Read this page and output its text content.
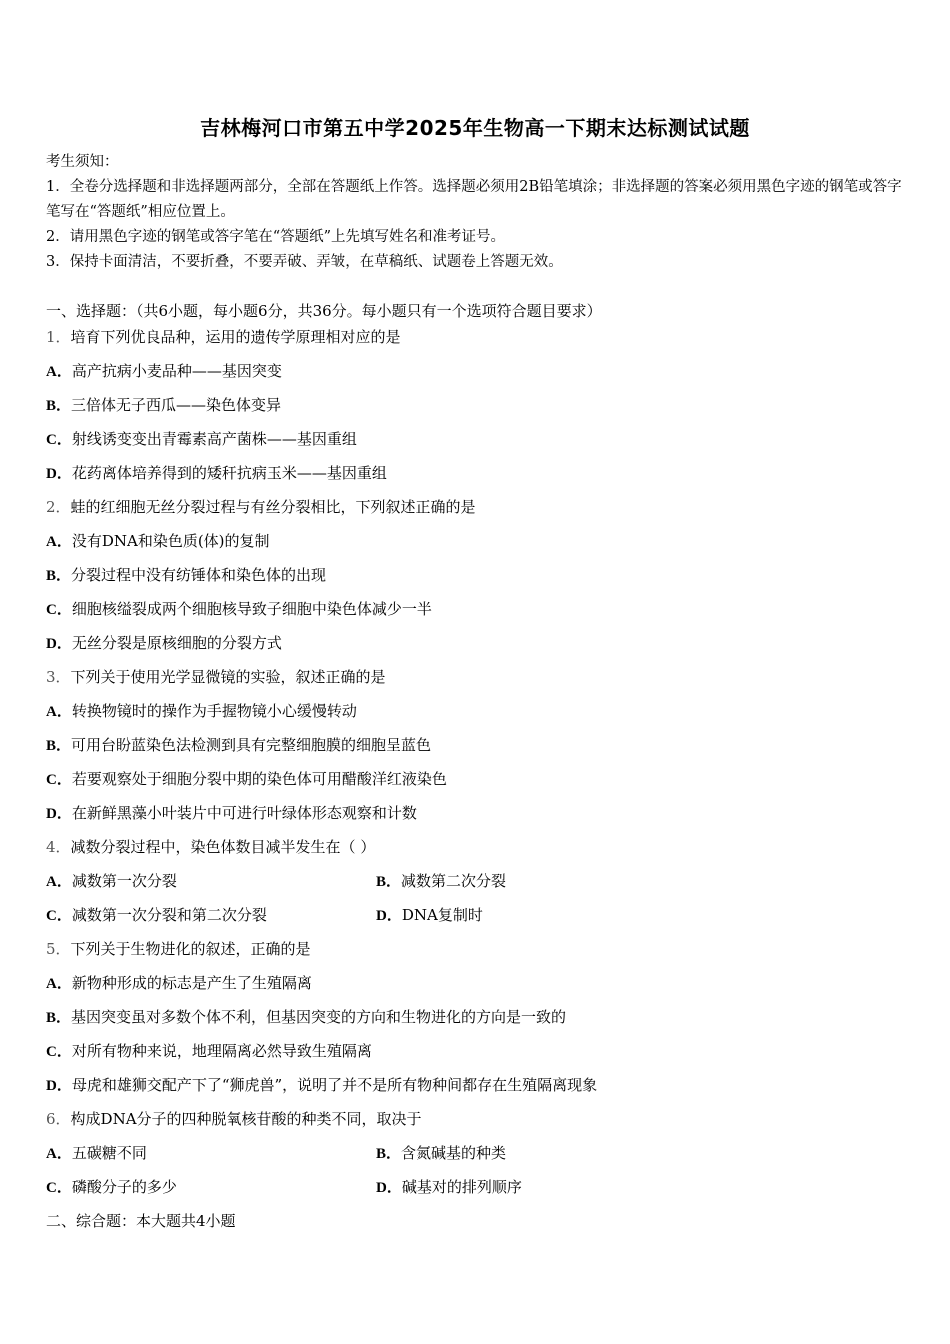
吉林梅河口市第五中学2025年生物高一下期末达标测试试题
考生须知：
1．全卷分选择题和非选择题两部分，全部在答题纸上作答。选择题必须用2B铅笔填涂；非选择题的答案必须用黑色字迹的钢笔或答字笔写在“答题纸”相应位置上。
2．请用黑色字迹的钢笔或答字笔在“答题纸”上先填写姓名和准考证号。
3．保持卡面清洁，不要折叠，不要弄破、弄皱，在草稿纸、试题卷上答题无效。
一、选择题：（共6小题，每小题6分，共36分。每小题只有一个选项符合题目要求）
1．培育下列优良品种，运用的遗传学原理相对应的是
A．高产抗病小麦品种——基因突变
B．三倍体无子西瓜——染色体变异
C．射线诱变变出青霉素高产菌株——基因重组
D．花药离体培养得到的矮秆抗病玉米——基因重组
2．蛙的红细胞无丝分裂过程与有丝分裂相比，下列叙述正确的是
A．没有DNA和染色质(体)的复制
B．分裂过程中没有纺锤体和染色体的出现
C．细胞核缢裂成两个细胞核导致子细胞中染色体减少一半
D．无丝分裂是原核细胞的分裂方式
3．下列关于使用光学显微镜的实验，叙述正确的是
A．转换物镜时的操作为手握物镜小心缓慢转动
B．可用台盼蓝染色法检测到具有完整细胞膜的细胞呈蓝色
C．若要观察处于细胞分裂中期的染色体可用醋酸洋红液染色
D．在新鲜黑藻小叶装片中可进行叶绿体形态观察和计数
4．减数分裂过程中，染色体数目减半发生在（ ）
A．减数第一次分裂	B．减数第二次分裂
C．减数第一次分裂和第二次分裂	D．DNA复制时
5．下列关于生物进化的叙述，正确的是
A．新物种形成的标志是产生了生殖隔离
B．基因突变虽对多数个体不利，但基因突变的方向和生物进化的方向是一致的
C．对所有物种来说，地理隔离必然导致生殖隔离
D．母虎和雄狮交配产下了“狮虎兽”，说明了并不是所有物种间都存在生殖隔离现象
6．构成DNA分子的四种脱氧核苷酸的种类不同，取决于
A．五碳糖不同	B．含氮碱基的种类
C．磷酸分子的多少	D．碱基对的排列顺序
二、综合题：本大题共4小题
